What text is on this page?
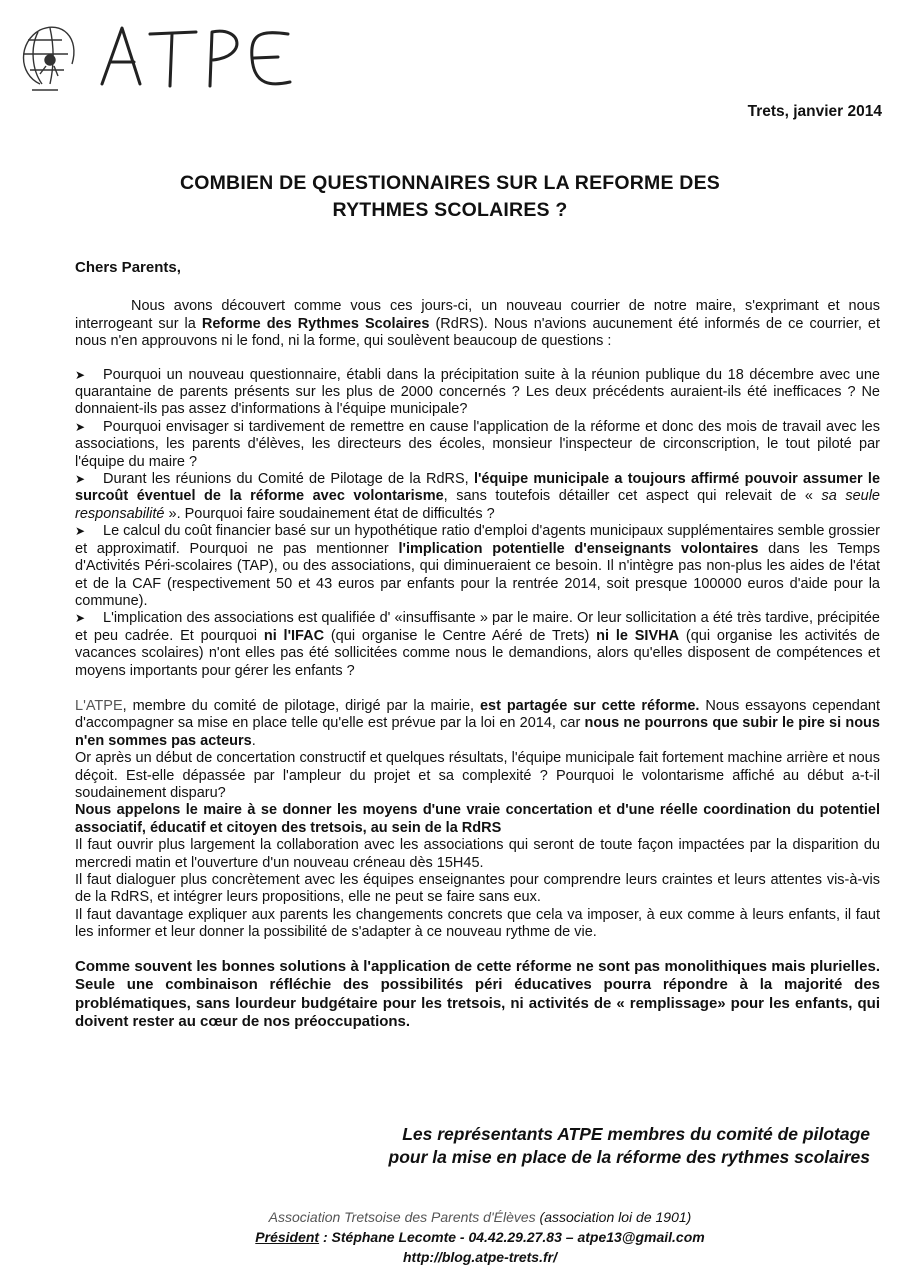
Trets, janvier 2014
COMBIEN DE QUESTIONNAIRES SUR LA REFORME DES
RYTHMES SCOLAIRES ?

Chers Parents,

Nous avons découvert comme vous ces jours-ci, un nouveau courrier de notre maire, s'exprimant et nous interrogeant sur la Reforme des Rythmes Scolaires (RdRS). Nous n'avions aucunement été informés de ce courrier, et nous n'en approuvons ni le fond, ni la forme, qui soulèvent beaucoup de questions :

➤ Pourquoi un nouveau questionnaire, établi dans la précipitation suite à la réunion publique du 18 décembre avec une quarantaine de parents présents sur les plus de 2000 concernés ? Les deux précédents auraient-ils été inefficaces ? Ne donnaient-ils pas assez d'informations à l'équipe municipale?
➤ Pourquoi envisager si tardivement de remettre en cause l'application de la réforme et donc des mois de travail avec les associations, les parents d'élèves, les directeurs des écoles, monsieur l'inspecteur de circonscription, le tout piloté par l'équipe du maire ?
➤ Durant les réunions du Comité de Pilotage de la RdRS, l'équipe municipale a toujours affirmé pouvoir assumer le surcoût éventuel de la réforme avec volontarisme, sans toutefois détailler cet aspect qui relevait de « sa seule responsabilité ». Pourquoi faire soudainement état de difficultés ?
➤ Le calcul du coût financier basé sur un hypothétique ratio d'emploi d'agents municipaux supplémentaires semble grossier et approximatif. Pourquoi ne pas mentionner l'implication potentielle d'enseignants volontaires dans les Temps d'Activités Péri-scolaires (TAP), ou des associations, qui diminueraient ce besoin. Il n'intègre pas non-plus les aides de l'état et de la CAF (respectivement 50 et 43 euros par enfants pour la rentrée 2014, soit presque 100000 euros d'aide pour la commune).
➤ L'implication des associations est qualifiée d' «insuffisante » par le maire. Or leur sollicitation a été très tardive, précipitée et peu cadrée. Et pourquoi ni l'IFAC (qui organise le Centre Aéré de Trets) ni le SIVHA (qui organise les activités de vacances scolaires) n'ont elles pas été sollicitées comme nous le demandions, alors qu'elles disposent de compétences et moyens importants pour gérer les enfants ?

L'ATPE, membre du comité de pilotage, dirigé par la mairie, est partagée sur cette réforme. Nous essayons cependant d'accompagner sa mise en place telle qu'elle est prévue par la loi en 2014, car nous ne pourrons que subir le pire si nous n'en sommes pas acteurs.

Or après un début de concertation constructif et quelques résultats, l'équipe municipale fait fortement machine arrière et nous déçoit. Est-elle dépassée par l'ampleur du projet et sa complexité ? Pourquoi le volontarisme affiché au début a-t-il soudainement disparu?

Nous appelons le maire à se donner les moyens d'une vraie concertation et d'une réelle coordination du potentiel associatif, éducatif et citoyen des tretsois, au sein de la RdRS

Il faut ouvrir plus largement la collaboration avec les associations qui seront de toute façon impactées par la disparition du mercredi matin et l'ouverture d'un nouveau créneau dès 15H45.

Il faut dialoguer plus concrètement avec les équipes enseignantes pour comprendre leurs craintes et leurs attentes vis-à-vis de la RdRS, et intégrer leurs propositions, elle ne peut se faire sans eux.

Il faut davantage expliquer aux parents les changements concrets que cela va imposer, à eux comme à leurs enfants, il faut les informer et leur donner la possibilité de s'adapter à ce nouveau rythme de vie.

Comme souvent les bonnes solutions à l'application de cette réforme ne sont pas monolithiques mais plurielles. Seule une combinaison réfléchie des possibilités péri éducatives pourra répondre à la majorité des problématiques, sans lourdeur budgétaire pour les tretsois, ni activités de « remplissage» pour les enfants, qui doivent rester au cœur de nos préoccupations.

Les représentants ATPE membres du comité de pilotage
pour la mise en place de la réforme des rythmes scolaires
Association Tretsoise des Parents d'Élèves (association loi de 1901)
Président : Stéphane Lecomte - 04.42.29.27.83 – atpe13@gmail.com
http://blog.atpe-trets.fr/
